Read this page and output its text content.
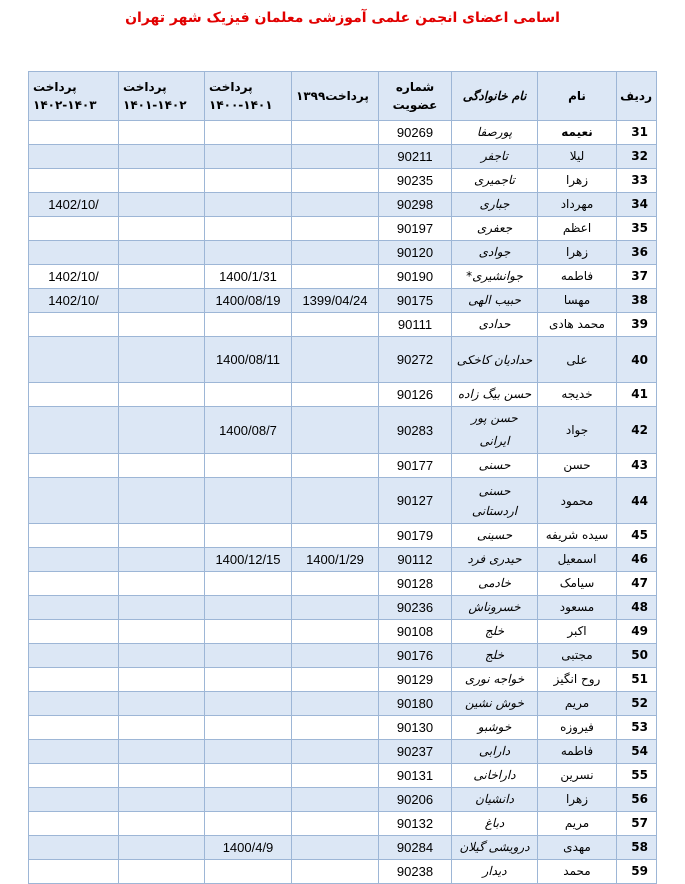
اسامی اعضای انجمن علمی آموزشی معلمان فیزیک شهر تهران
ردیف	نام	نام خانوادگی	شماره عضویت	پرداخت۱۳۹۹	پرداخت ۱۴۰۱-۱۴۰۰	پرداخت ۱۴۰۲-۱۴۰۱	پرداخت ۱۴۰۳-۱۴۰۲
31	نعیمه	پورصفا	90269				
32	لیلا	تاجفر	90211				
33	زهرا	تاجمیری	90235				
34	مهرداد	جباری	90298				1402/10/
35	اعظم	جعفری	90197				
36	زهرا	جوادی	90120				
37	فاطمه	جوانشیری*	90190		1400/1/31		1402/10/
38	مهسا	حبیب الهی	90175	1399/04/24	1400/08/19		1402/10/
39	محمد هادی	حدادی	90111				
40	علی	حدادیان کاخکی	90272		1400/08/11		
41	خدیجه	حسن بیگ زاده	90126				
42	جواد	حسن پور ایرانی	90283		1400/08/7		
43	حسن	حسنی	90177				
44	محمود	حسنی اردستانی	90127				
45	سیده شریفه	حسینی	90179				
46	اسمعیل	حیدری فرد	90112	1400/1/29	1400/12/15		
47	سیامک	خادمی	90128				
48	مسعود	خسروناش	90236				
49	اکبر	خلج	90108				
50	مجتبی	خلج	90176				
51	روح انگیز	خواجه نوری	90129				
52	مریم	خوش نشین	90180				
53	فیروزه	خوشبو	90130				
54	فاطمه	دارابی	90237				
55	نسرین	داراخانی	90131				
56	زهرا	دانشیان	90206				
57	مریم	دباغ	90132				
58	مهدی	درویشی گیلان	90284		1400/4/9		
59	محمد	دیدار	90238				
